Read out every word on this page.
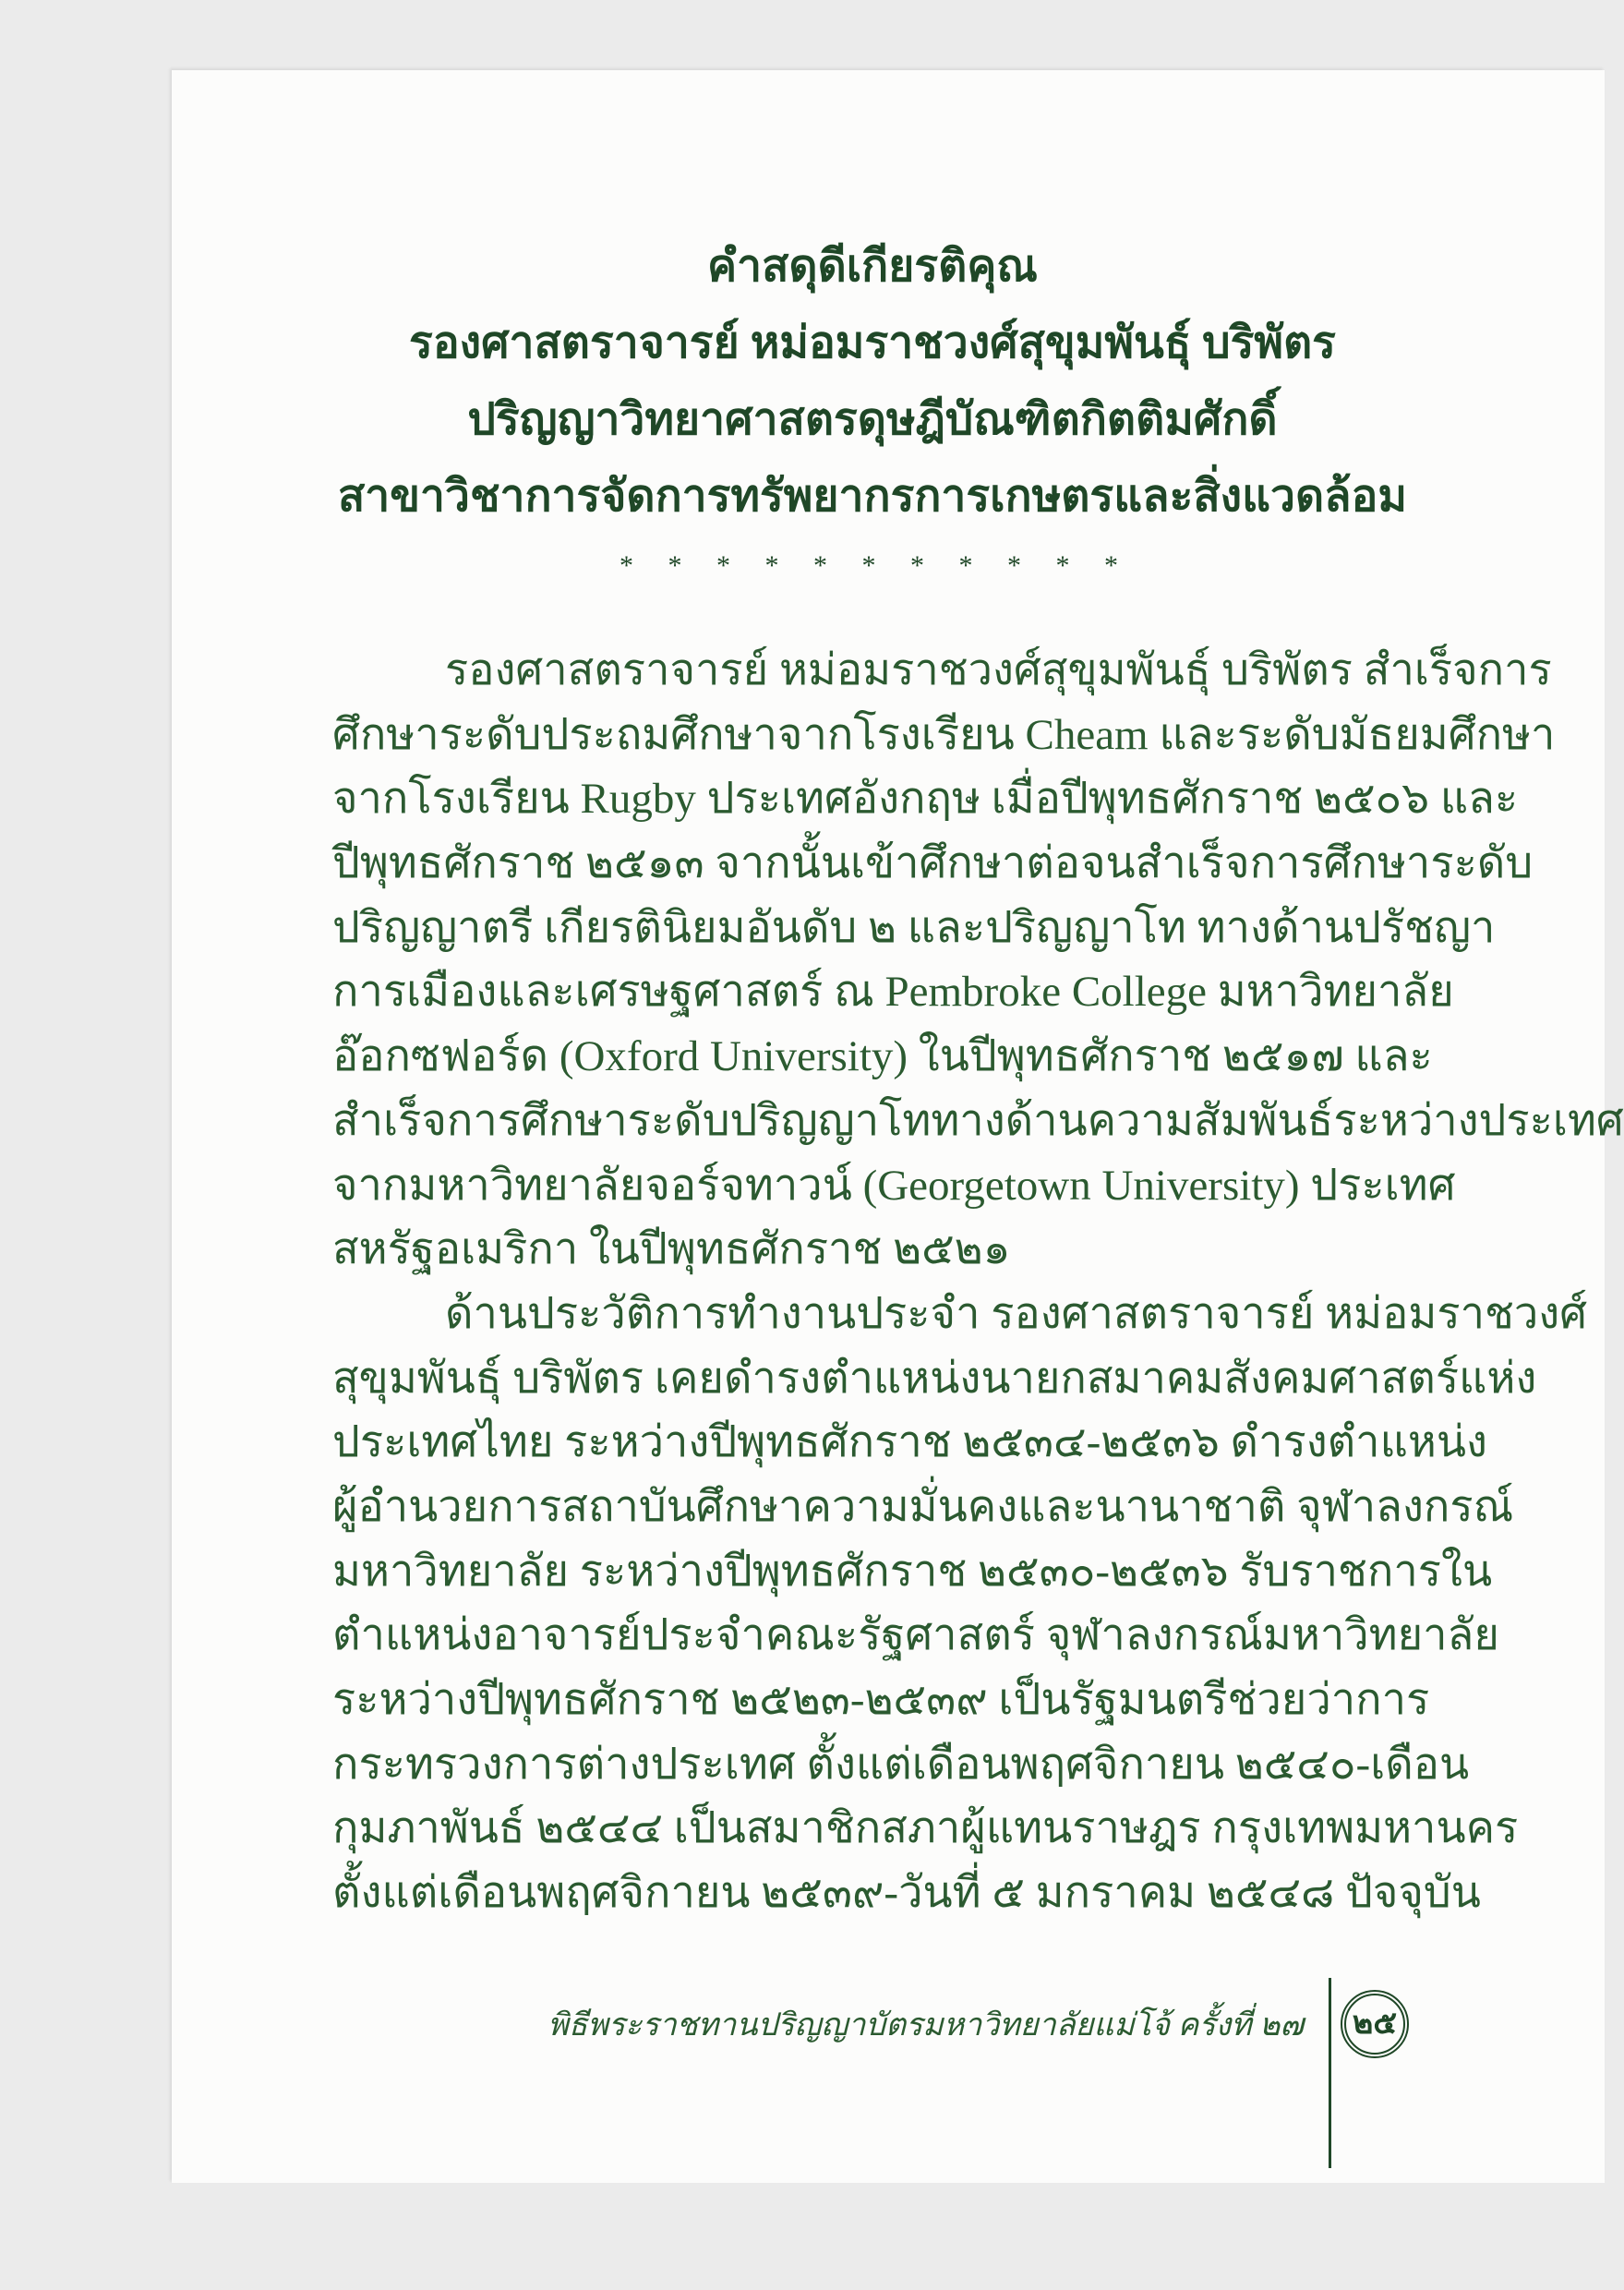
คำสดุดีเกียรติคุณ
รองศาสตราจารย์ หม่อมราชวงศ์สุขุมพันธุ์ บริพัตร
ปริญญาวิทยาศาสตรดุษฎีบัณฑิตกิตติมศักดิ์
สาขาวิชาการจัดการทรัพยากรการเกษตรและสิ่งแวดล้อม
* * * * * * * * * * *
รองศาสตราจารย์ หม่อมราชวงศ์สุขุมพันธุ์ บริพัตร สำเร็จการ
ศึกษาระดับประถมศึกษาจากโรงเรียน Cheam และระดับมัธยมศึกษา
จากโรงเรียน Rugby ประเทศอังกฤษ เมื่อปีพุทธศักราช ๒๕๐๖ และ
ปีพุทธศักราช ๒๕๑๓ จากนั้นเข้าศึกษาต่อจนสำเร็จการศึกษาระดับ
ปริญญาตรี เกียรตินิยมอันดับ ๒ และปริญญาโท ทางด้านปรัชญา
การเมืองและเศรษฐศาสตร์ ณ Pembroke College มหาวิทยาลัย
อ๊อกซฟอร์ด (Oxford University) ในปีพุทธศักราช ๒๕๑๗ และ
สำเร็จการศึกษาระดับปริญญาโททางด้านความสัมพันธ์ระหว่างประเทศ
จากมหาวิทยาลัยจอร์จทาวน์ (Georgetown University) ประเทศ
สหรัฐอเมริกา ในปีพุทธศักราช ๒๕๒๑
ด้านประวัติการทำงานประจำ รองศาสตราจารย์ หม่อมราชวงศ์
สุขุมพันธุ์ บริพัตร เคยดำรงตำแหน่งนายกสมาคมสังคมศาสตร์แห่ง
ประเทศไทย ระหว่างปีพุทธศักราช ๒๕๓๔-๒๕๓๖ ดำรงตำแหน่ง
ผู้อำนวยการสถาบันศึกษาความมั่นคงและนานาชาติ จุฬาลงกรณ์
มหาวิทยาลัย ระหว่างปีพุทธศักราช ๒๕๓๐-๒๕๓๖ รับราชการใน
ตำแหน่งอาจารย์ประจำคณะรัฐศาสตร์ จุฬาลงกรณ์มหาวิทยาลัย
ระหว่างปีพุทธศักราช ๒๕๒๓-๒๕๓๙ เป็นรัฐมนตรีช่วยว่าการ
กระทรวงการต่างประเทศ ตั้งแต่เดือนพฤศจิกายน ๒๕๔๐-เดือน
กุมภาพันธ์ ๒๕๔๔ เป็นสมาชิกสภาผู้แทนราษฎร กรุงเทพมหานคร
ตั้งแต่เดือนพฤศจิกายน ๒๕๓๙-วันที่ ๕ มกราคม ๒๕๔๘ ปัจจุบัน
พิธีพระราชทานปริญญาบัตรมหาวิทยาลัยแม่โจ้ ครั้งที่ ๒๗ ๒๕
